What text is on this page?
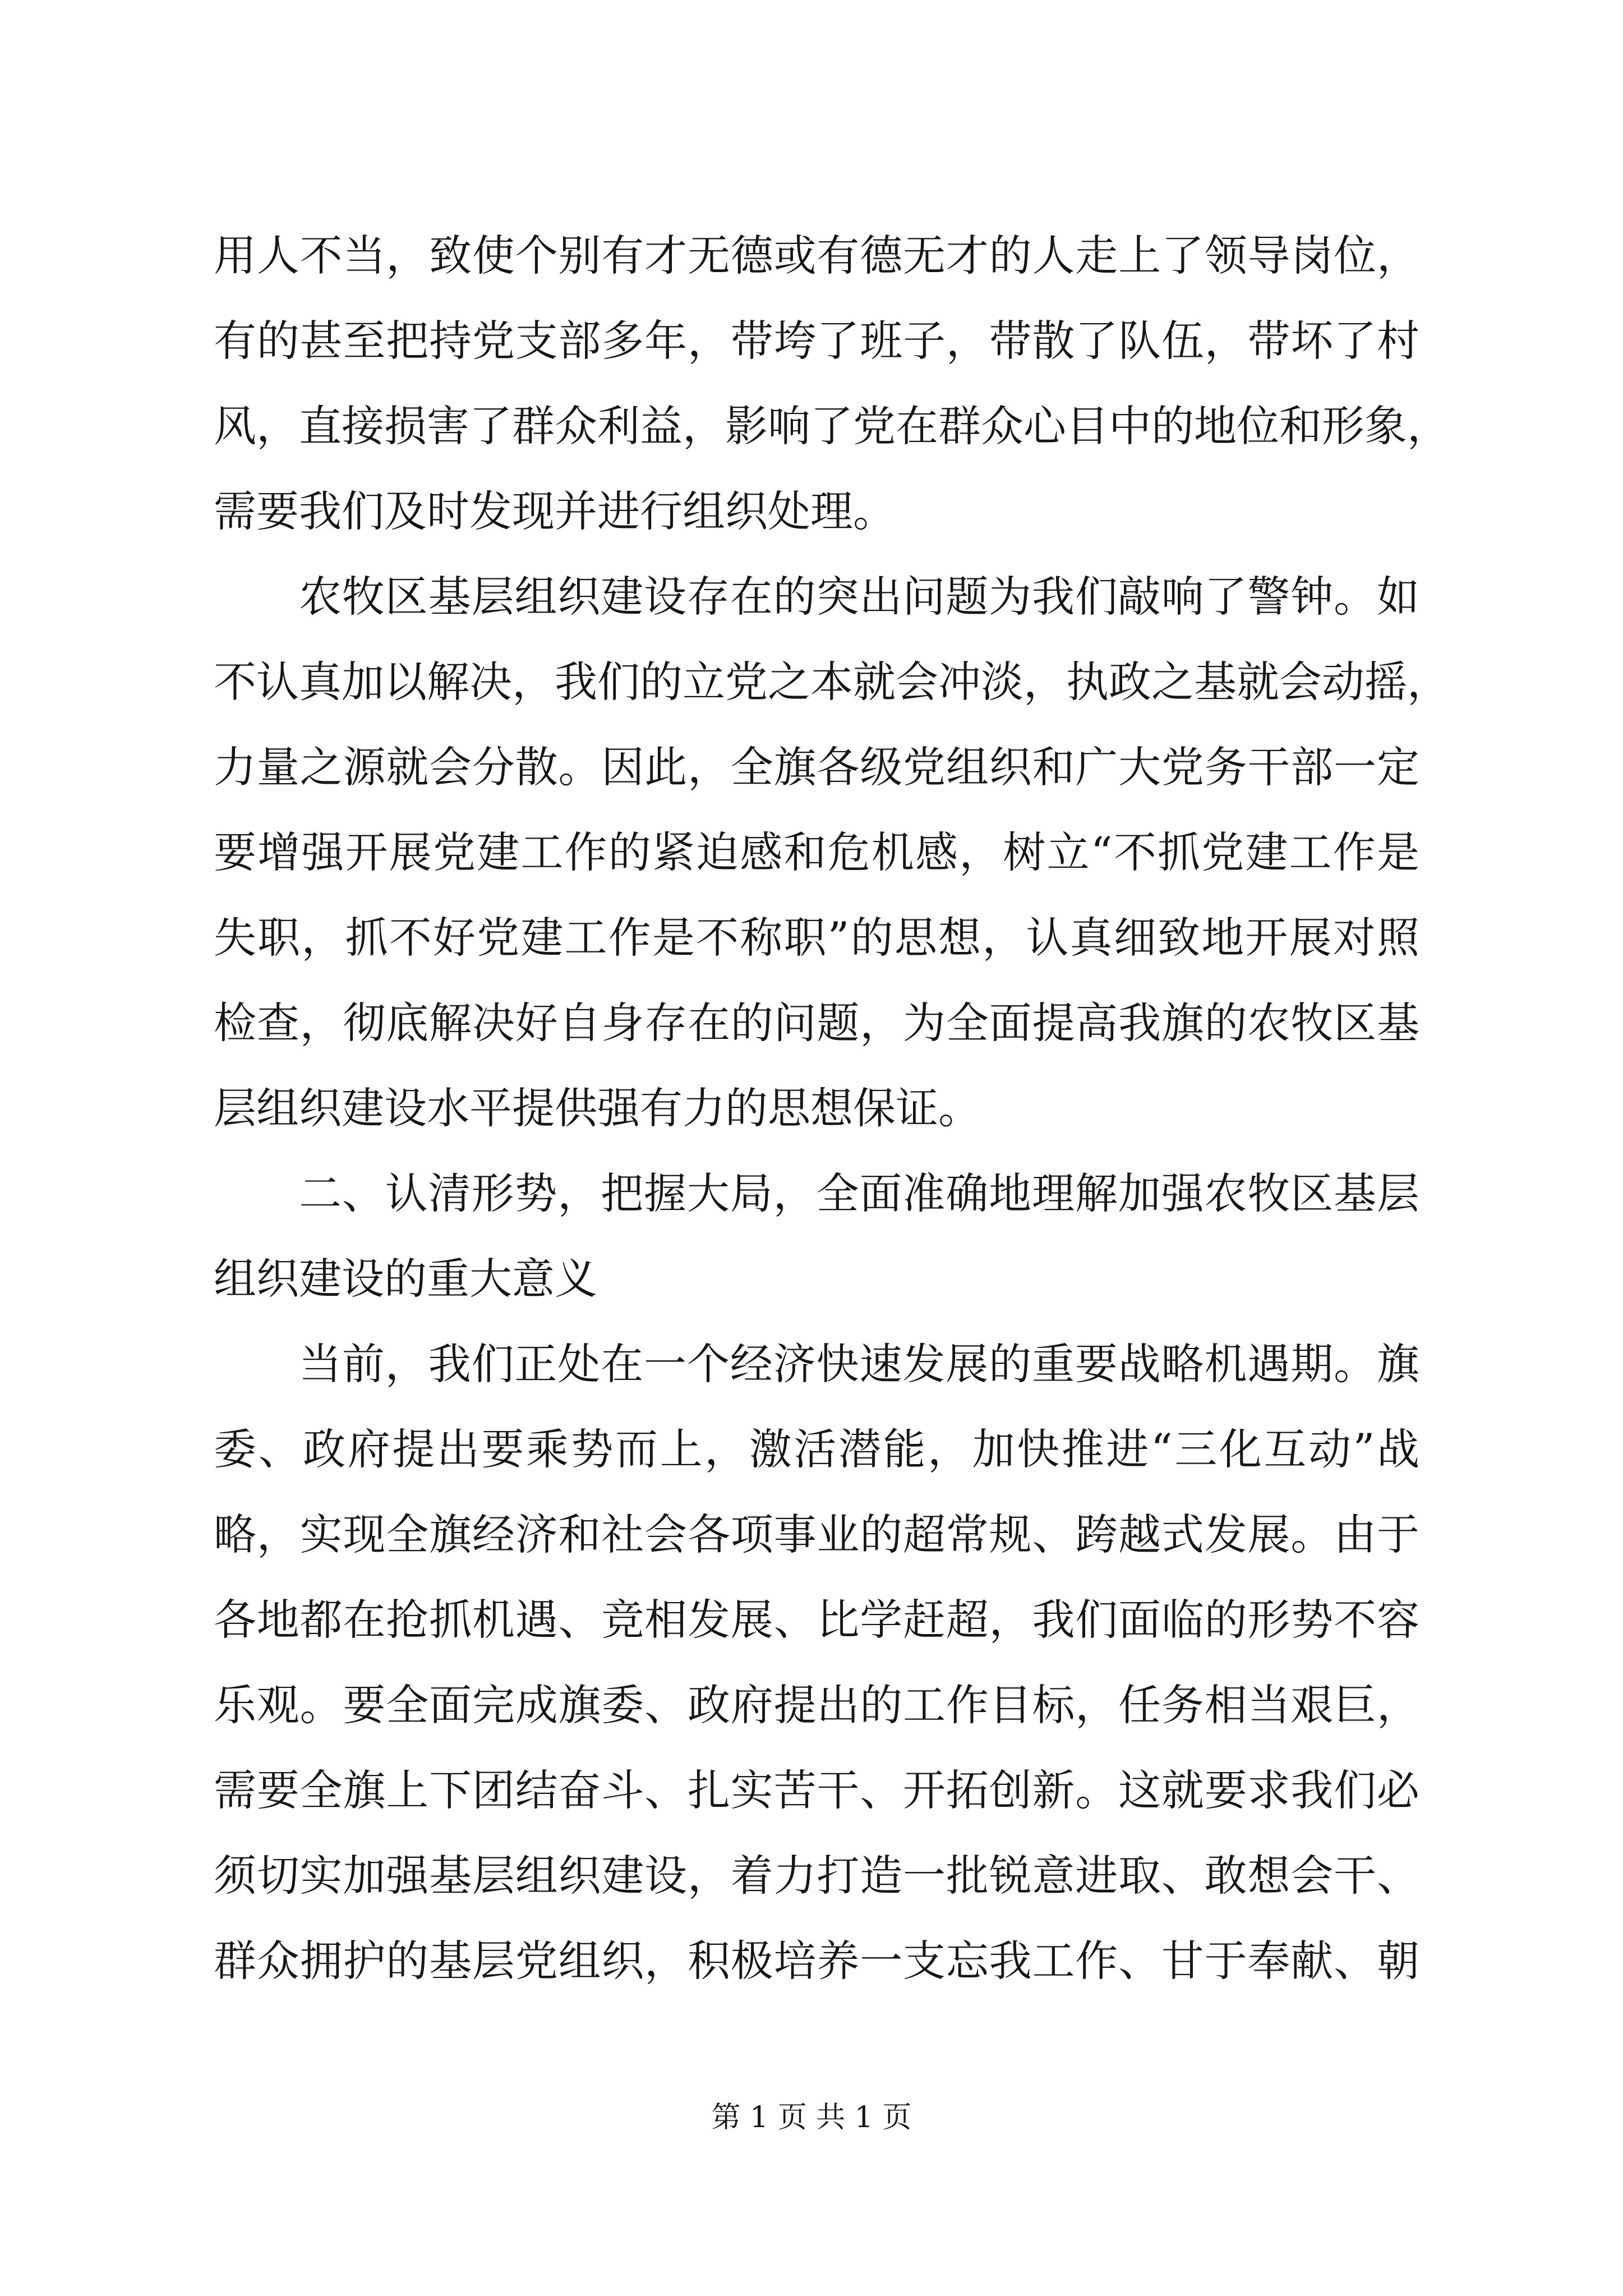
用人不当，致使个别有才无德或有德无才的人走上了领导岗位，
有的甚至把持党支部多年，带垮了班子，带散了队伍，带坏了村
风，直接损害了群众利益，影响了党在群众心目中的地位和形象，
需要我们及时发现并进行组织处理。
农牧区基层组织建设存在的突出问题为我们敲响了警钟。如
不认真加以解决，我们的立党之本就会冲淡，执政之基就会动摇，
力量之源就会分散。因此，全旗各级党组织和广大党务干部一定
要增强开展党建工作的紧迫感和危机感，树立“不抓党建工作是
失职，抓不好党建工作是不称职”的思想，认真细致地开展对照
检查，彻底解决好自身存在的问题，为全面提高我旗的农牧区基
层组织建设水平提供强有力的思想保证。
二、认清形势，把握大局，全面准确地理解加强农牧区基层
组织建设的重大意义
当前，我们正处在一个经济快速发展的重要战略机遇期。旗
委、政府提出要乘势而上，激活潜能，加快推进“三化互动”战
略，实现全旗经济和社会各项事业的超常规、跨越式发展。由于
各地都在抢抓机遇、竞相发展、比学赶超，我们面临的形势不容
乐观。要全面完成旗委、政府提出的工作目标，任务相当艰巨，
需要全旗上下团结奋斗、扎实苦干、开拓创新。这就要求我们必
须切实加强基层组织建设，着力打造一批锐意进取、敢想会干、
群众拥护的基层党组织，积极培养一支忘我工作、甘于奉献、朝
第 1 页 共 1 页
